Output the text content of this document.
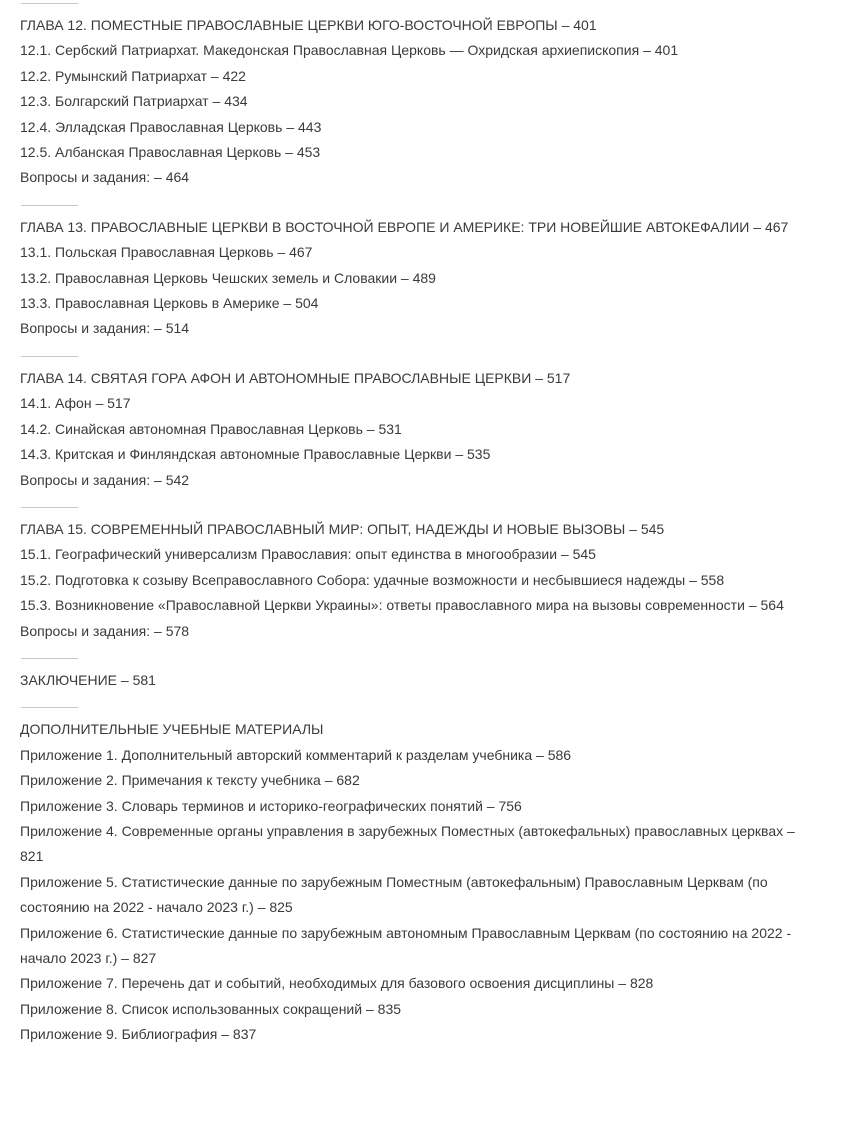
ГЛАВА 12. ПОМЕСТНЫЕ ПРАВОСЛАВНЫЕ ЦЕРКВИ ЮГО-ВОСТОЧНОЙ ЕВРОПЫ – 401

12.1. Сербский Патриархат. Македонская Православная Церковь — Охридская архиепископия – 401

12.2. Румынский Патриархат – 422

12.3. Болгарский Патриархат – 434

12.4. Элладская Православная Церковь – 443

12.5. Албанская Православная Церковь – 453

Вопросы и задания: – 464

ГЛАВА 13. ПРАВОСЛАВНЫЕ ЦЕРКВИ В ВОСТОЧНОЙ ЕВРОПЕ И АМЕРИКЕ: ТРИ НОВЕЙШИЕ АВТОКЕФАЛИИ – 467

13.1. Польская Православная Церковь – 467

13.2. Православная Церковь Чешских земель и Словакии – 489

13.3. Православная Церковь в Америке – 504

Вопросы и задания: – 514

ГЛАВА 14. СВЯТАЯ ГОРА АФОН И АВТОНОМНЫЕ ПРАВОСЛАВНЫЕ ЦЕРКВИ – 517

14.1. Афон – 517

14.2. Синайская автономная Православная Церковь – 531

14.3. Критская и Финляндская автономные Православные Церкви – 535

Вопросы и задания: – 542

ГЛАВА 15. СОВРЕМЕННЫЙ ПРАВОСЛАВНЫЙ МИР: ОПЫТ, НАДЕЖДЫ И НОВЫЕ ВЫЗОВЫ – 545

15.1. Географический универсализм Православия: опыт единства в многообразии – 545

15.2. Подготовка к созыву Всеправославного Собора: удачные возможности и несбывшиеся надежды – 558

15.3. Возникновение «Православной Церкви Украины»: ответы православного мира на вызовы современности – 564

Вопросы и задания: – 578

ЗАКЛЮЧЕНИЕ – 581

ДОПОЛНИТЕЛЬНЫЕ УЧЕБНЫЕ МАТЕРИАЛЫ

Приложение 1. Дополнительный авторский комментарий к разделам учебника – 586

Приложение 2. Примечания к тексту учебника – 682

Приложение 3. Словарь терминов и историко-географических понятий – 756

Приложение 4. Современные органы управления в зарубежных Поместных (автокефальных) православных церквах – 821

Приложение 5. Статистические данные по зарубежным Поместным (автокефальным) Православным Церквам (по состоянию на 2022 - начало 2023 г.) – 825

Приложение 6. Статистические данные по зарубежным автономным Православным Церквам (по состоянию на 2022 - начало 2023 г.) – 827

Приложение 7. Перечень дат и событий, необходимых для базового освоения дисциплины – 828

Приложение 8. Список использованных сокращений – 835

Приложение 9. Библиография – 837
